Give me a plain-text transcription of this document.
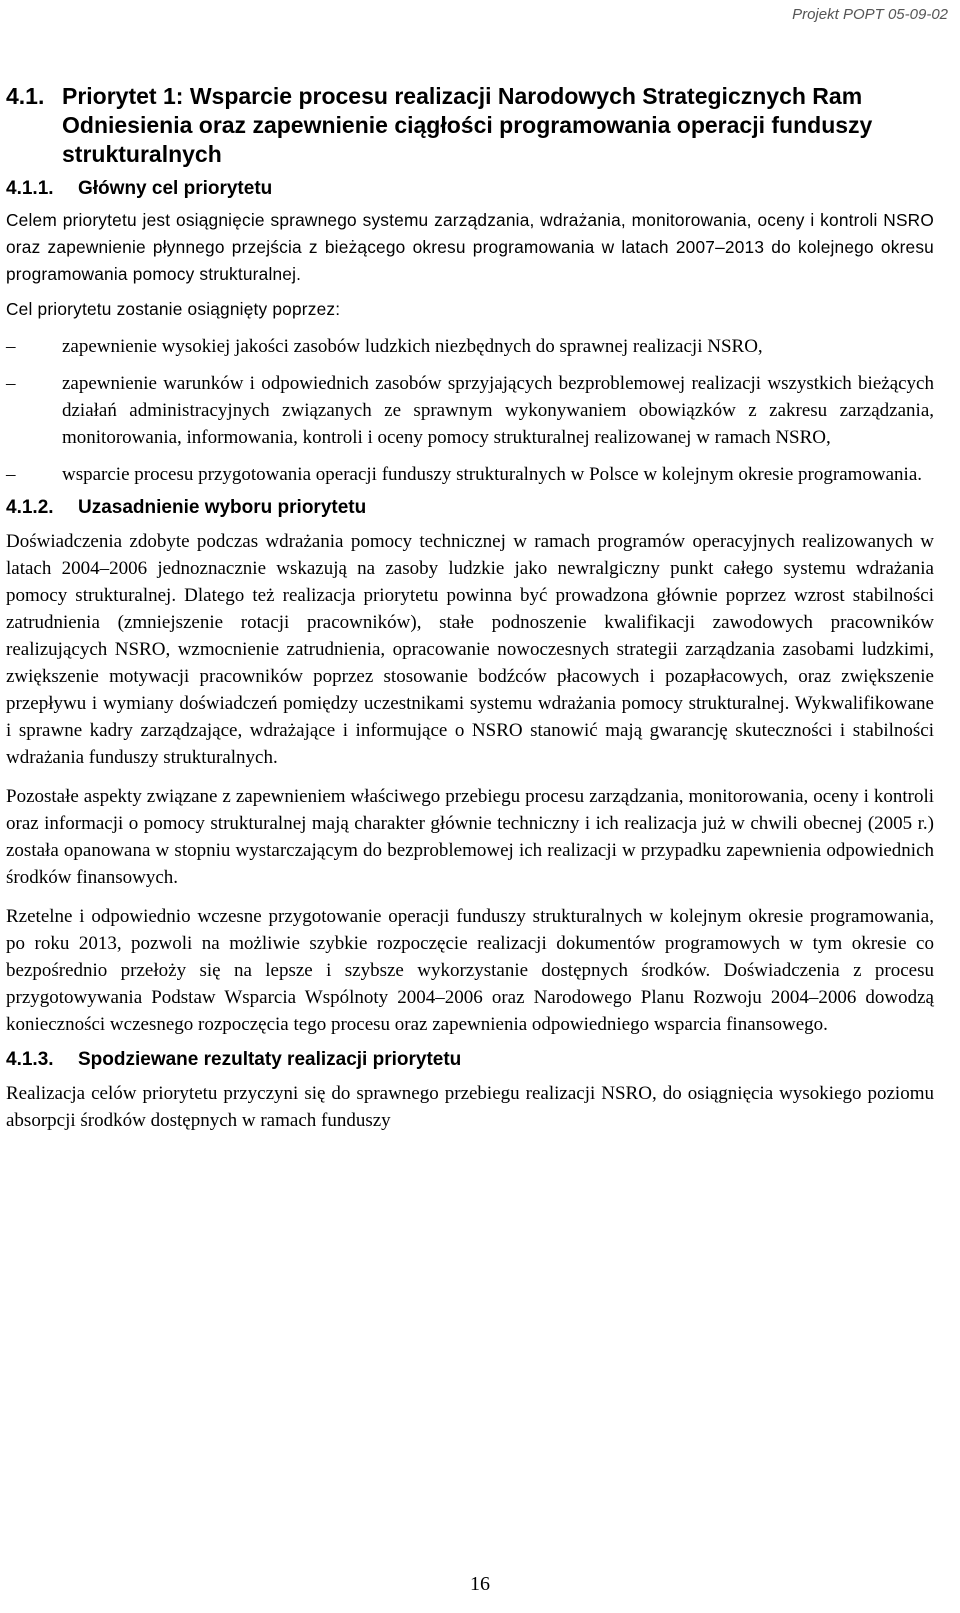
Projekt POPT 05-09-02
4.1. Priorytet 1: Wsparcie procesu realizacji Narodowych Strategicznych Ram Odniesienia oraz zapewnienie ciągłości programowania operacji funduszy strukturalnych
4.1.1.	Główny cel priorytetu

Celem priorytetu jest osiągnięcie sprawnego systemu zarządzania, wdrażania, monitorowania, oceny i kontroli NSRO oraz zapewnienie płynnego przejścia z bieżącego okresu programowania w latach 2007–2013 do kolejnego okresu programowania pomocy strukturalnej.

Cel priorytetu zostanie osiągnięty poprzez:

–	zapewnienie wysokiej jakości zasobów ludzkich niezbędnych do sprawnej realizacji NSRO,
–	zapewnienie warunków i odpowiednich zasobów sprzyjających bezproblemowej realizacji wszystkich bieżących działań administracyjnych związanych ze sprawnym wykonywaniem obowiązków z zakresu zarządzania, monitorowania, informowania, kontroli i oceny pomocy strukturalnej realizowanej w ramach NSRO,
–	wsparcie procesu przygotowania operacji funduszy strukturalnych w Polsce w kolejnym okresie programowania.
4.1.2.	Uzasadnienie wyboru priorytetu

Doświadczenia zdobyte podczas wdrażania pomocy technicznej w ramach programów operacyjnych realizowanych w latach 2004–2006 jednoznacznie wskazują na zasoby ludzkie jako newralgiczny punkt całego systemu wdrażania pomocy strukturalnej. Dlatego też realizacja priorytetu powinna być prowadzona głównie poprzez wzrost stabilności zatrudnienia (zmniejszenie rotacji pracowników), stałe podnoszenie kwalifikacji zawodowych pracowników realizujących NSRO, wzmocnienie zatrudnienia, opracowanie nowoczesnych strategii zarządzania zasobami ludzkimi, zwiększenie motywacji pracowników poprzez stosowanie bodźców płacowych i pozapłacowych, oraz zwiększenie przepływu i wymiany doświadczeń pomiędzy uczestnikami systemu wdrażania pomocy strukturalnej. Wykwalifikowane i sprawne kadry zarządzające, wdrażające i informujące o NSRO stanowić mają gwarancję skuteczności i stabilności wdrażania funduszy strukturalnych.

Pozostałe aspekty związane z zapewnieniem właściwego przebiegu procesu zarządzania, monitorowania, oceny i kontroli oraz informacji o pomocy strukturalnej mają charakter głównie techniczny i ich realizacja już w chwili obecnej (2005 r.) została opanowana w stopniu wystarczającym do bezproblemowej ich realizacji w przypadku zapewnienia odpowiednich środków finansowych.

Rzetelne i odpowiednio wczesne przygotowanie operacji funduszy strukturalnych w kolejnym okresie programowania, po roku 2013, pozwoli na możliwie szybkie rozpoczęcie realizacji dokumentów programowych w tym okresie co bezpośrednio przełoży się na lepsze i szybsze wykorzystanie dostępnych środków. Doświadczenia z procesu przygotowywania Podstaw Wsparcia Wspólnoty 2004–2006 oraz Narodowego Planu Rozwoju 2004–2006 dowodzą konieczności wczesnego rozpoczęcia tego procesu oraz zapewnienia odpowiedniego wsparcia finansowego.

4.1.3.	Spodziewane rezultaty realizacji priorytetu

Realizacja celów priorytetu przyczyni się do sprawnego przebiegu realizacji NSRO, do osiągnięcia wysokiego poziomu absorpcji środków dostępnych w ramach funduszy

16
